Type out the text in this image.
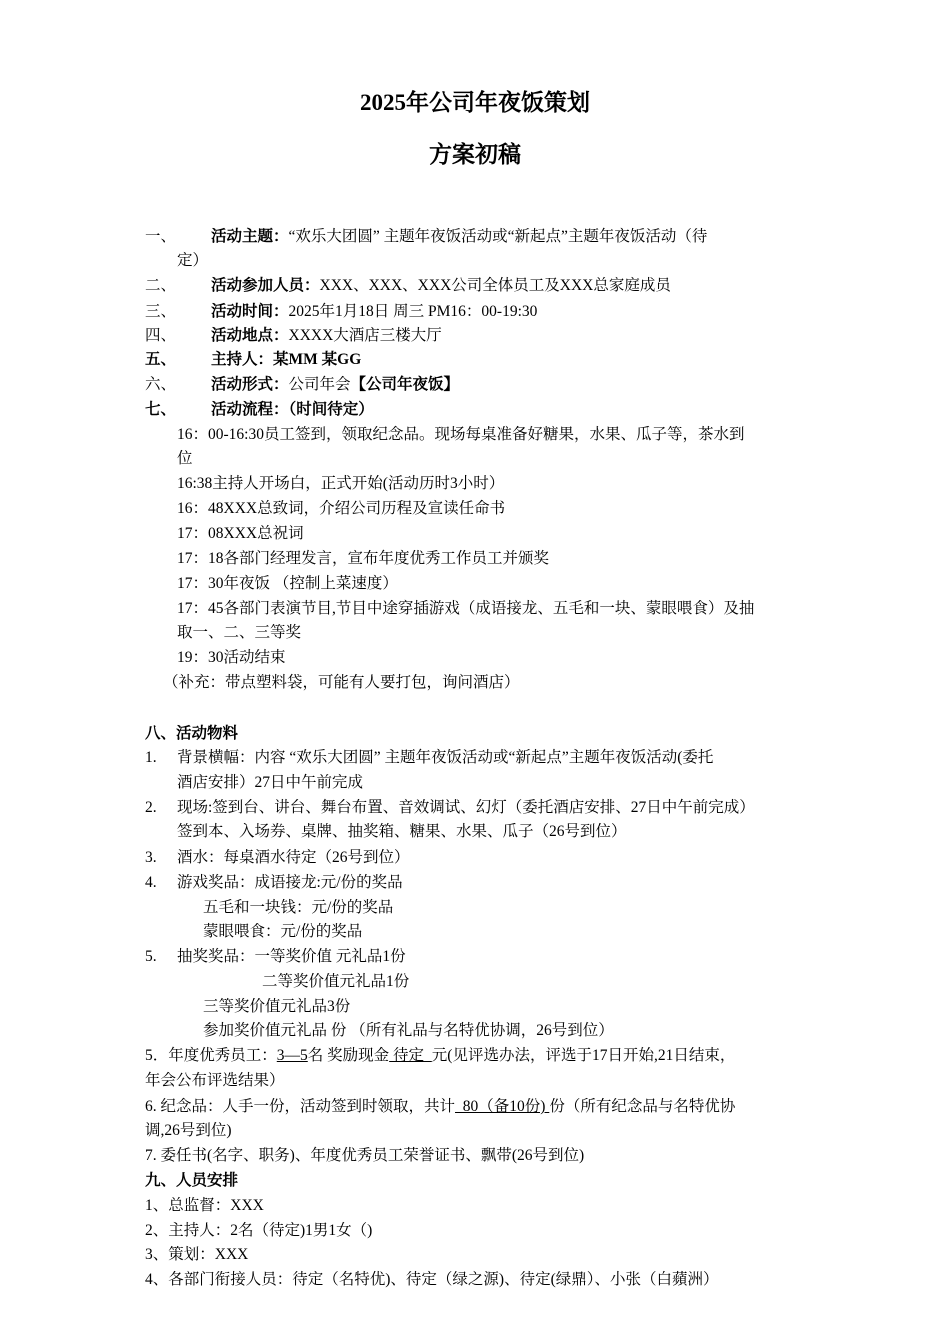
2025年公司年夜饭策划
方案初稿
一、 活动主题：“欢乐大团圆” 主题年夜饭活动或“新起点”主题年夜饭活动（待
定）
二、 活动参加人员：XXX、XXX、XXX公司全体员工及XXX总家庭成员
三、 活动时间：2025年1月18日 周三 PM16：00-19:30
四、 活动地点：XXXX大酒店三楼大厅
五、 主持人：某MM 某GG
六、 活动形式：公司年会【公司年夜饭】
七、 活动流程：（时间待定）
16：00-16:30员工签到，领取纪念品。现场每桌准备好糖果，水果、瓜子等，茶水到
位
16:38主持人开场白，正式开始(活动历时3小时）
16：48XXX总致词，介绍公司历程及宣读任命书
17：08XXX总祝词
17：18各部门经理发言，宣布年度优秀工作员工并颁奖
17：30年夜饭 （控制上菜速度）
17：45各部门表演节目,节目中途穿插游戏（成语接龙、五毛和一块、蒙眼喂食）及抽
取一、二、三等奖
19：30活动结束
（补充：带点塑料袋，可能有人要打包，询问酒店）
八、活动物料
1. 背景横幅：内容 “欢乐大团圆” 主题年夜饭活动或“新起点”主题年夜饭活动(委托
酒店安排）27日中午前完成
2. 现场:签到台、讲台、舞台布置、音效调试、幻灯（委托酒店安排、27日中午前完成）
签到本、入场券、桌牌、抽奖箱、糖果、水果、瓜子（26号到位）
3. 酒水：每桌酒水待定（26号到位）
4. 游戏奖品：成语接龙:元/份的奖品
五毛和一块钱：元/份的奖品
蒙眼喂食：元/份的奖品
5. 抽奖奖品：一等奖价值 元礼品1份
二等奖价值元礼品1份
三等奖价值元礼品3份
参加奖价值元礼品 份 （所有礼品与名特优协调，26号到位）
5．年度优秀员工：3—5名 奖励现金 待定  元(见评选办法，评选于17日开始,21日结束，
年会公布评选结果）
6. 纪念品：人手一份，活动签到时领取，共计  80（备10份) 份（所有纪念品与名特优协
调,26号到位)
7. 委任书(名字、职务)、年度优秀员工荣誉证书、飘带(26号到位)
九、人员安排
1、总监督：XXX
2、主持人：2名（待定)1男1女（)
3、策划：XXX
4、各部门衔接人员：待定（名特优)、待定（绿之源)、待定(绿鼎）、小张（白蘋洲）
